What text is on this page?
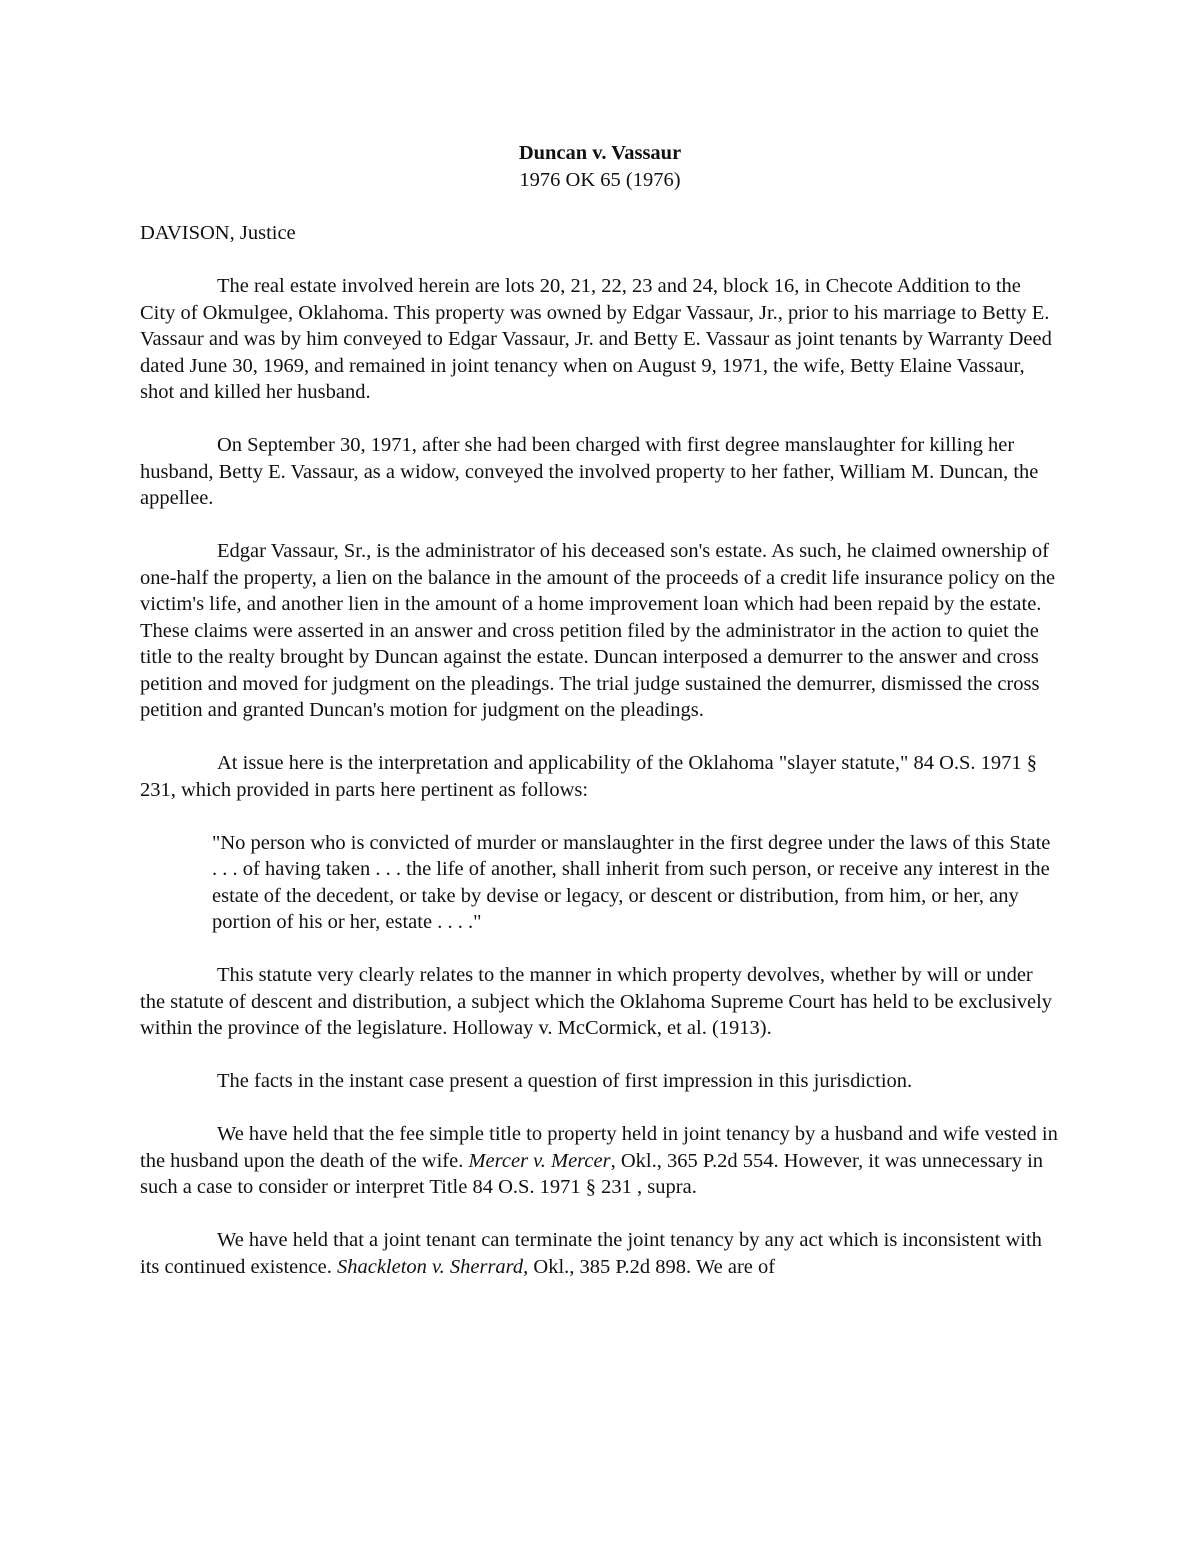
Duncan v. Vassaur
1976 OK 65 (1976)
DAVISON, Justice

The real estate involved herein are lots 20, 21, 22, 23 and 24, block 16, in Checote Addition to the City of Okmulgee, Oklahoma. This property was owned by Edgar Vassaur, Jr., prior to his marriage to Betty E. Vassaur and was by him conveyed to Edgar Vassaur, Jr. and Betty E. Vassaur as joint tenants by Warranty Deed dated June 30, 1969, and remained in joint tenancy when on August 9, 1971, the wife, Betty Elaine Vassaur, shot and killed her husband.

On September 30, 1971, after she had been charged with first degree manslaughter for killing her husband, Betty E. Vassaur, as a widow, conveyed the involved property to her father, William M. Duncan, the appellee.

Edgar Vassaur, Sr., is the administrator of his deceased son's estate. As such, he claimed ownership of one-half the property, a lien on the balance in the amount of the proceeds of a credit life insurance policy on the victim's life, and another lien in the amount of a home improvement loan which had been repaid by the estate. These claims were asserted in an answer and cross petition filed by the administrator in the action to quiet the title to the realty brought by Duncan against the estate. Duncan interposed a demurrer to the answer and cross petition and moved for judgment on the pleadings. The trial judge sustained the demurrer, dismissed the cross petition and granted Duncan's motion for judgment on the pleadings.

At issue here is the interpretation and applicability of the Oklahoma "slayer statute," 84 O.S. 1971 § 231, which provided in parts here pertinent as follows:

"No person who is convicted of murder or manslaughter in the first degree under the laws of this State . . . of having taken . . . the life of another, shall inherit from such person, or receive any interest in the estate of the decedent, or take by devise or legacy, or descent or distribution, from him, or her, any portion of his or her, estate . . . ."

This statute very clearly relates to the manner in which property devolves, whether by will or under the statute of descent and distribution, a subject which the Oklahoma Supreme Court has held to be exclusively within the province of the legislature. Holloway v. McCormick, et al. (1913).

The facts in the instant case present a question of first impression in this jurisdiction.

We have held that the fee simple title to property held in joint tenancy by a husband and wife vested in the husband upon the death of the wife. Mercer v. Mercer, Okl., 365 P.2d 554. However, it was unnecessary in such a case to consider or interpret Title 84 O.S. 1971 § 231 , supra.

We have held that a joint tenant can terminate the joint tenancy by any act which is inconsistent with its continued existence. Shackleton v. Sherrard, Okl., 385 P.2d 898. We are of
